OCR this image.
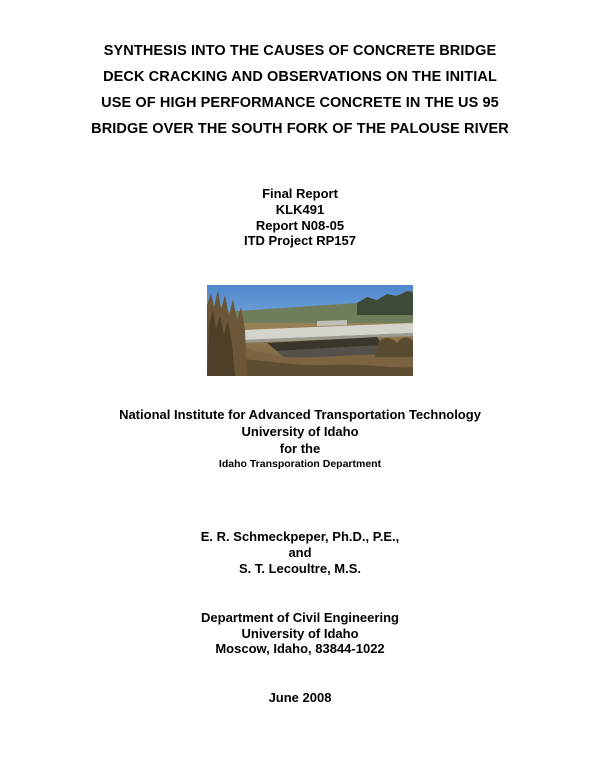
SYNTHESIS INTO THE CAUSES OF CONCRETE BRIDGE
DECK CRACKING AND OBSERVATIONS ON THE INITIAL
USE OF HIGH PERFORMANCE CONCRETE IN THE US 95
BRIDGE OVER THE SOUTH FORK OF THE PALOUSE RIVER
Final Report
KLK491
Report N08-05
ITD Project RP157
National Institute for Advanced Transportation Technology
University of Idaho
for the
Idaho Transporation Department
E. R. Schmeckpeper, Ph.D., P.E.,
and
S. T. Lecoultre, M.S.
Department of Civil Engineering
University of Idaho
Moscow, Idaho, 83844-1022
June 2008
